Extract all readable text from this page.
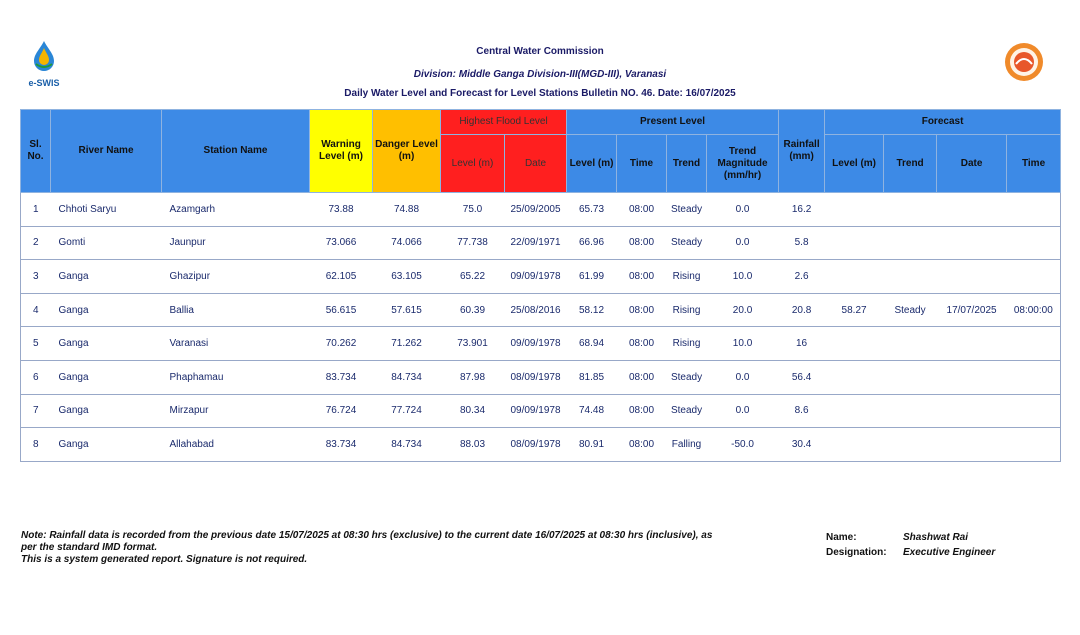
e-SWIS
Central Water Commission
Division: Middle Ganga Division-III(MGD-III), Varanasi
Daily Water Level and Forecast for Level Stations Bulletin NO. 46. Date: 16/07/2025
Sl. No.	River Name	Station Name	Warning Level (m)	Danger Level (m)	Highest Flood Level		Present Level				Rainfall (mm)	Forecast			
					Level (m)	Date	Level (m)	Time	Trend	Trend Magnitude (mm/hr)		Level (m)	Trend	Date	Time
1	Chhoti Saryu	Azamgarh	73.88	74.88	75.0	25/09/2005	65.73	08:00	Steady	0.0	16.2				
2	Gomti	Jaunpur	73.066	74.066	77.738	22/09/1971	66.96	08:00	Steady	0.0	5.8				
3	Ganga	Ghazipur	62.105	63.105	65.22	09/09/1978	61.99	08:00	Rising	10.0	2.6				
4	Ganga	Ballia	56.615	57.615	60.39	25/08/2016	58.12	08:00	Rising	20.0	20.8	58.27	Steady	17/07/2025	08:00:00
5	Ganga	Varanasi	70.262	71.262	73.901	09/09/1978	68.94	08:00	Rising	10.0	16				
6	Ganga	Phaphamau	83.734	84.734	87.98	08/09/1978	81.85	08:00	Steady	0.0	56.4				
7	Ganga	Mirzapur	76.724	77.724	80.34	09/09/1978	74.48	08:00	Steady	0.0	8.6				
8	Ganga	Allahabad	83.734	84.734	88.03	08/09/1978	80.91	08:00	Falling	-50.0	30.4				
Note: Rainfall data is recorded from the previous date 15/07/2025 at 08:30 hrs (exclusive) to the current date 16/07/2025 at 08:30 hrs (inclusive), as per the standard IMD format.
This is a system generated report. Signature is not required.
Name:	Shashwat Rai
Designation: Executive Engineer
